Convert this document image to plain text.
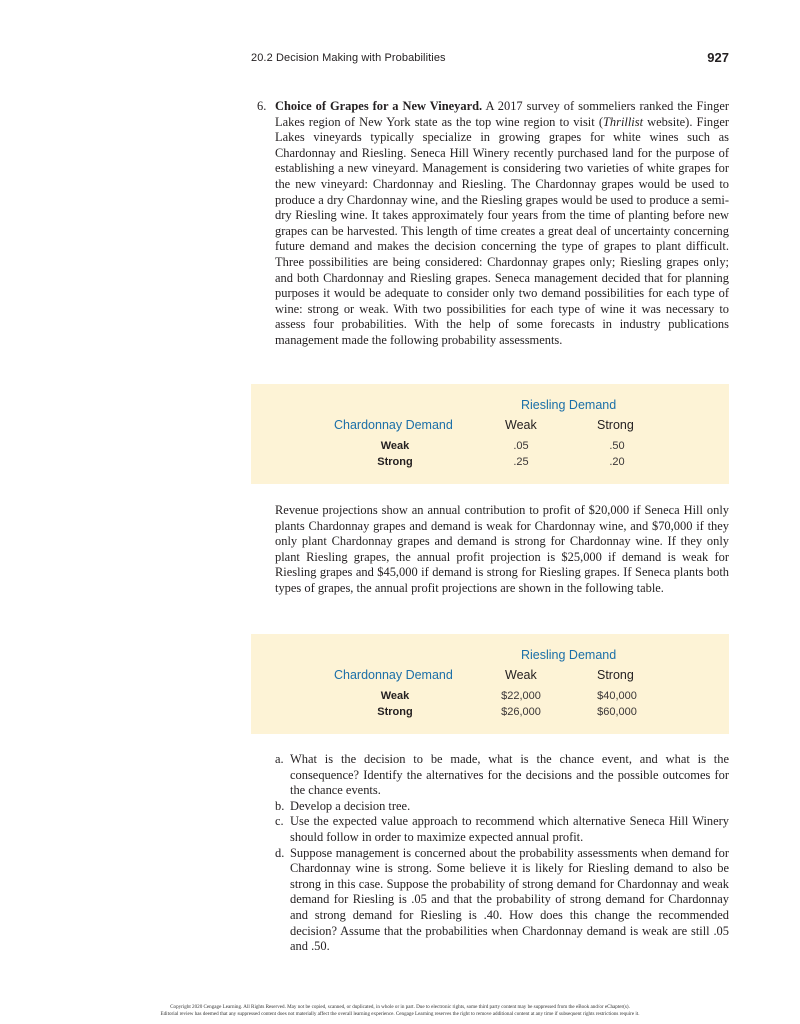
20.2 Decision Making with Probabilities	927
6. Choice of Grapes for a New Vineyard. A 2017 survey of sommeliers ranked the Finger Lakes region of New York state as the top wine region to visit (Thrillist website). Finger Lakes vineyards typically specialize in growing grapes for white wines such as Chardonnay and Riesling. Seneca Hill Winery recently purchased land for the purpose of establishing a new vineyard. Management is considering two varieties of white grapes for the new vineyard: Chardonnay and Riesling. The Chardonnay grapes would be used to produce a dry Chardonnay wine, and the Riesling grapes would be used to produce a semi-dry Riesling wine. It takes approximately four years from the time of planting before new grapes can be harvested. This length of time creates a great deal of uncertainty concerning future demand and makes the decision concerning the type of grapes to plant difficult. Three possibilities are being considered: Chardonnay grapes only; Riesling grapes only; and both Chardonnay and Riesling grapes. Seneca management decided that for planning purposes it would be adequate to consider only two demand possibilities for each type of wine: strong or weak. With two possibilities for each type of wine it was necessary to assess four probabilities. With the help of some forecasts in industry publications management made the following probability assessments.
Riesling Demand
Chardonnay Demand	Weak	Strong
Weak	.05	.50
Strong	.25	.20
Revenue projections show an annual contribution to profit of $20,000 if Seneca Hill only plants Chardonnay grapes and demand is weak for Chardonnay wine, and $70,000 if they only plant Chardonnay grapes and demand is strong for Chardonnay wine. If they only plant Riesling grapes, the annual profit projection is $25,000 if demand is weak for Riesling grapes and $45,000 if demand is strong for Riesling grapes. If Seneca plants both types of grapes, the annual profit projections are shown in the following table.
Riesling Demand
Chardonnay Demand	Weak	Strong
Weak	$22,000	$40,000
Strong	$26,000	$60,000
a. What is the decision to be made, what is the chance event, and what is the consequence? Identify the alternatives for the decisions and the possible outcomes for the chance events.
b. Develop a decision tree.
c. Use the expected value approach to recommend which alternative Seneca Hill Winery should follow in order to maximize expected annual profit.
d. Suppose management is concerned about the probability assessments when demand for Chardonnay wine is strong. Some believe it is likely for Riesling demand to also be strong in this case. Suppose the probability of strong demand for Chardonnay and weak demand for Riesling is .05 and that the probability of strong demand for Chardonnay and strong demand for Riesling is .40. How does this change the recommended decision? Assume that the probabilities when Chardonnay demand is weak are still .05 and .50.
Copyright 2020 Cengage Learning. All Rights Reserved. May not be copied, scanned, or duplicated, in whole or in part. Due to electronic rights, some third party content may be suppressed from the eBook and/or eChapter(s).
Editorial review has deemed that any suppressed content does not materially affect the overall learning experience. Cengage Learning reserves the right to remove additional content at any time if subsequent rights restrictions require it.
